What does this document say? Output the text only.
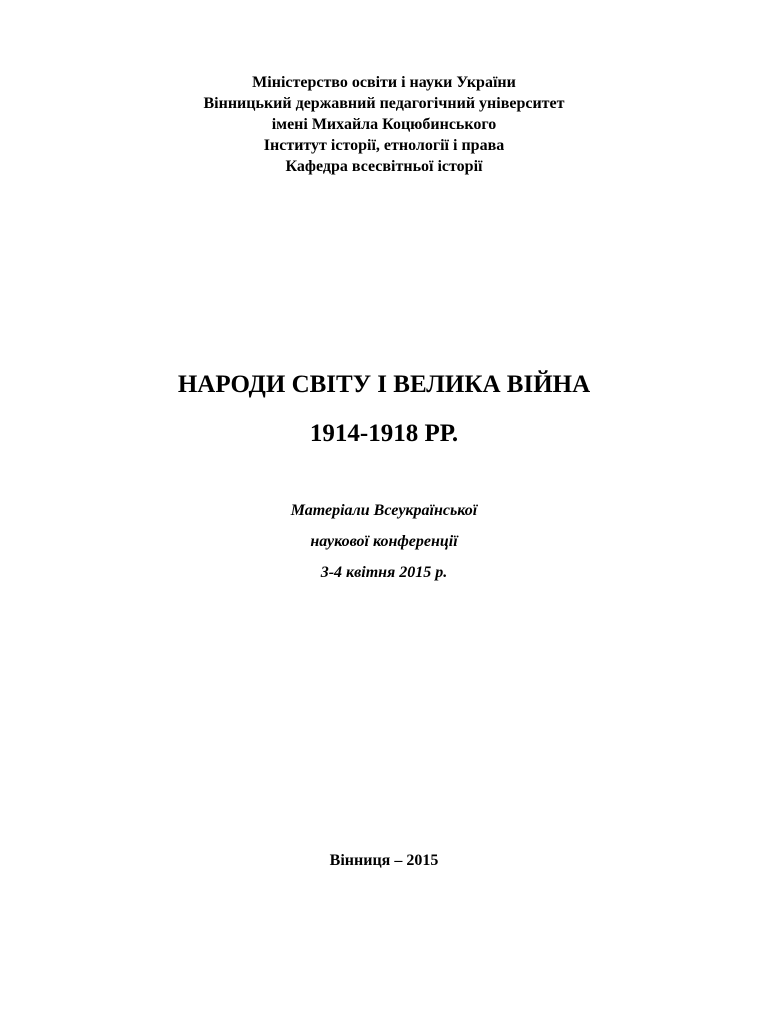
Міністерство освіти і науки України
Вінницький державний педагогічний університет
імені Михайла Коцюбинського
Інститут історії, етнології і права
Кафедра всесвітньої історії
НАРОДИ СВІТУ І ВЕЛИКА ВІЙНА
1914-1918 РР.
Матеріали Всеукраїнської
наукової конференції
3-4 квітня 2015 р.
Вінниця – 2015
